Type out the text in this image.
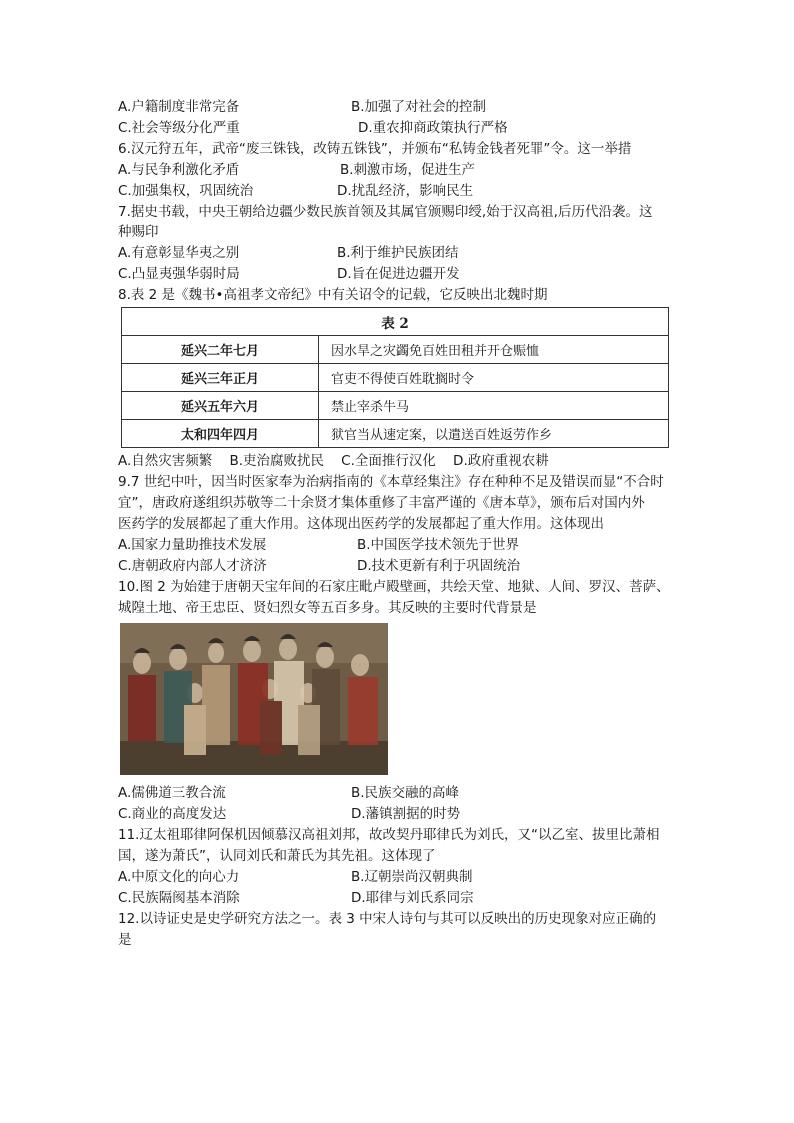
A.户籍制度非常完备	B.加强了对社会的控制
C.社会等级分化严重	D.重农抑商政策执行严格
6.汉元狩五年，武帝“废三铢钱，改铸五铢钱”，并颁布“私铸金钱者死罪”令。这一举措
A.与民争利激化矛盾	B.刺激市场，促进生产
C.加强集权，巩固统治	D.扰乱经济，影响民生
7.据史书载，中央王朝给边疆少数民族首领及其属官颁赐印绶,始于汉高祖,后历代沿袭。这
种赐印
A.有意彰显华夷之别	B.利于维护民族团结
C.凸显夷强华弱时局	D.旨在促进边疆开发
8.表 2 是《魏书•高祖孝文帝纪》中有关诏令的记载，它反映出北魏时期
表 2	
延兴二年七月	因水旱之灾蠲免百姓田租并开仓赈恤
延兴三年正月	官吏不得使百姓耽搁时令
延兴五年六月	禁止宰杀牛马
太和四年四月	狱官当从速定案，以遣送百姓返劳作乡
A.自然灾害频繁    B.吏治腐败扰民    C.全面推行汉化    D.政府重视农耕
9.7 世纪中叶，因当时医家奉为治病指南的《本草经集注》存在种种不足及错误而显“不合时
宜”，唐政府遂组织苏敬等二十余贤才集体重修了丰富严谨的《唐本草》，颁布后对国内外
医药学的发展都起了重大作用。这体现出医药学的发展都起了重大作用。这体现出
A.国家力量助推技术发展	B.中国医学技术领先于世界
C.唐朝政府内部人才济济	D.技术更新有利于巩固统治
10.图 2 为始建于唐朝天宝年间的石家庄毗卢殿壁画，共绘天堂、地狱、人间、罗汉、菩萨、
城隍土地、帝王忠臣、贤妇烈女等五百多身。其反映的主要时代背景是
A.儒佛道三教合流	B.民族交融的高峰
C.商业的高度发达	D.藩镇割据的时势
11.辽太祖耶律阿保机因倾慕汉高祖刘邦，故改契丹耶律氏为刘氏，又“以乙室、拔里比萧相
国，遂为萧氏”，认同刘氏和萧氏为其先祖。这体现了
A.中原文化的向心力	B.辽朝崇尚汉朝典制
C.民族隔阂基本消除	D.耶律与刘氏系同宗
12.以诗证史是史学研究方法之一。表 3 中宋人诗句与其可以反映出的历史现象对应正确的
是
